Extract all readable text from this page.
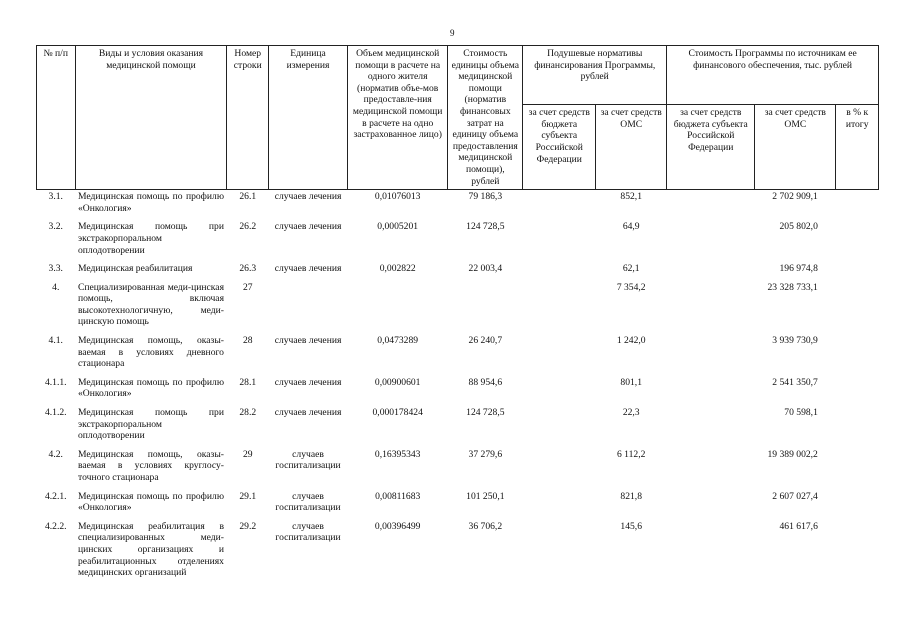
9
№ п/п	Виды и условия оказания медицинской помощи	Номер строки	Единица измерения	Объем медицинской помощи в расчете на одного жителя (норматив объе-мов предоставле-ния медицинской помощи в расчете на одно застрахованное лицо)	Стоимость единицы объема медицинской помощи (норматив финансовых затрат на единицу объема предоставления медицинской помощи), рублей	Подушевые нормативы финансирования Программы, рублей		Стоимость Программы по источникам ее финансового обеспечения, тыс. рублей		
						за счет средств бюджета субъекта Российской Федерации	за счет средств ОМС	за счет средств бюджета субъекта Российской Федерации	за счет средств ОМС	в % к итогу
3.1.	Медицинская помощь по профилю «Онкология»	26.1	случаев лечения	0,01076013	79 186,3		852,1		2 702 909,1	
3.2.	Медицинская помощь при экстракорпоральном оплодотворении	26.2	случаев лечения	0,0005201	124 728,5		64,9		205 802,0	
3.3.	Медицинская реабилитация	26.3	случаев лечения	0,002822	22 003,4		62,1		196 974,8	
4.	Специализированная меди-цинская помощь, включая высокотехнологичную, меди-цинскую помощь	27					7 354,2		23 328 733,1	
4.1.	Медицинская помощь, оказы-ваемая в условиях дневного стационара	28	случаев лечения	0,0473289	26 240,7		1 242,0		3 939 730,9	
4.1.1.	Медицинская помощь по профилю «Онкология»	28.1	случаев лечения	0,00900601	88 954,6		801,1		2 541 350,7	
4.1.2.	Медицинская помощь при экстракорпоральном оплодотворении	28.2	случаев лечения	0,000178424	124 728,5		22,3		70 598,1	
4.2.	Медицинская помощь, оказы-ваемая в условиях круглосу-точного стационара	29	случаев госпитализации	0,16395343	37 279,6		6 112,2		19 389 002,2	
4.2.1.	Медицинская помощь по профилю «Онкология»	29.1	случаев госпитализации	0,00811683	101 250,1		821,8		2 607 027,4	
4.2.2.	Медицинская реабилитация в специализированных меди-цинских организациях и реабилитационных отделениях медицинских организаций	29.2	случаев госпитализации	0,00396499	36 706,2		145,6		461 617,6	
